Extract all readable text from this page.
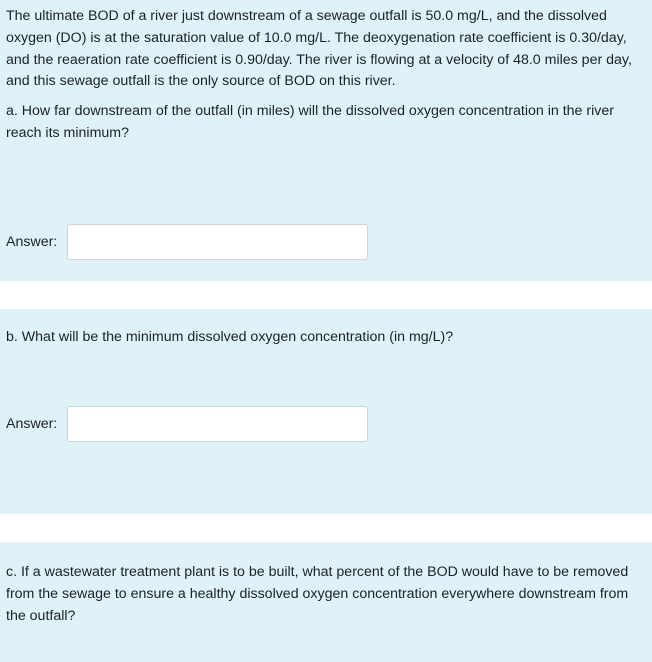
The ultimate BOD of a river just downstream of a sewage outfall is 50.0 mg/L, and the dissolved oxygen (DO) is at the saturation value of 10.0 mg/L. The deoxygenation rate coefficient is 0.30/day, and the reaeration rate coefficient is 0.90/day. The river is flowing at a velocity of 48.0 miles per day, and this sewage outfall is the only source of BOD on this river.

a. How far downstream of the outfall (in miles) will the dissolved oxygen concentration in the river reach its minimum?

Answer:

b. What will be the minimum dissolved oxygen concentration (in mg/L)?

Answer:

c. If a wastewater treatment plant is to be built, what percent of the BOD would have to be removed from the sewage to ensure a healthy dissolved oxygen concentration everywhere downstream from the outfall?
